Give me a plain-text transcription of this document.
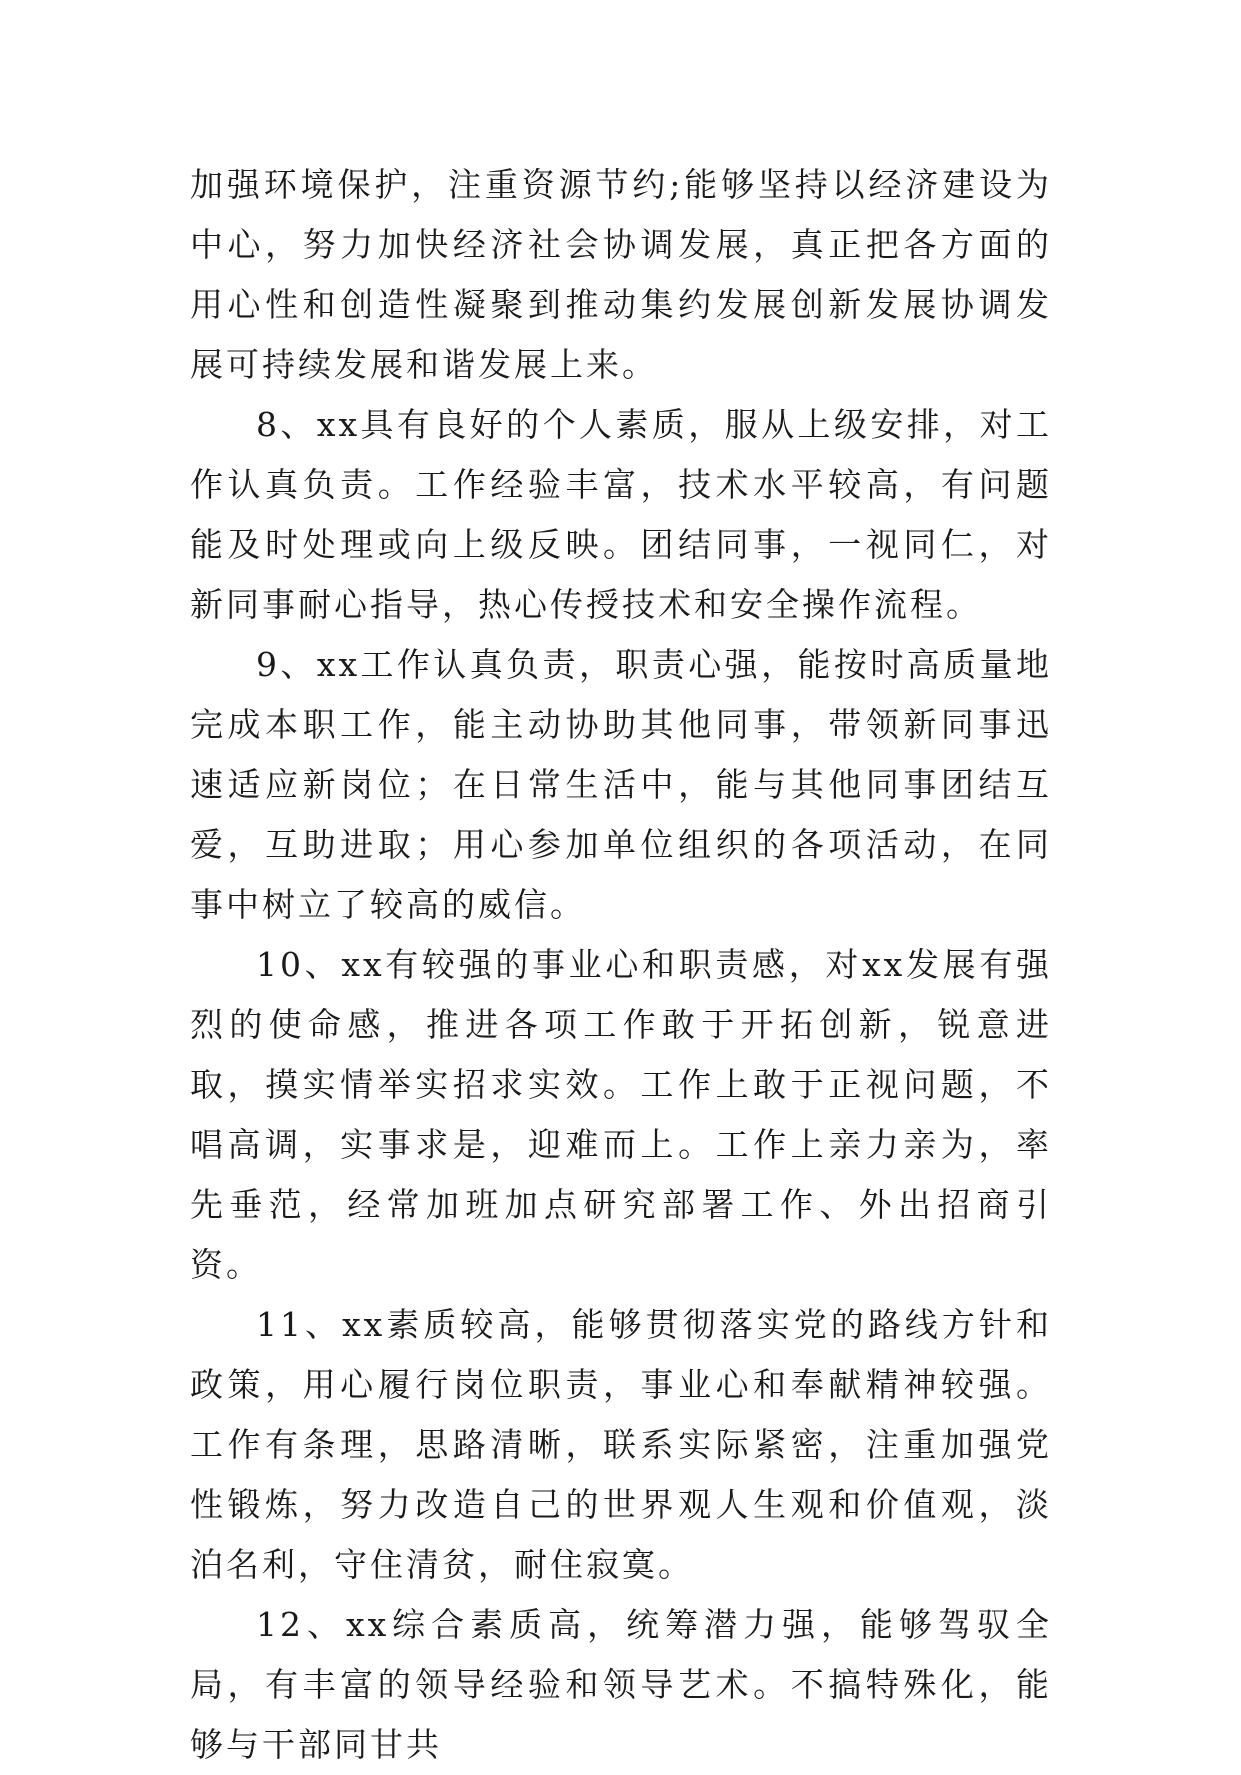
加强环境保护，注重资源节约;能够坚持以经济建设为中心，努力加快经济社会协调发展，真正把各方面的用心性和创造性凝聚到推动集约发展创新发展协调发展可持续发展和谐发展上来。

8、xx具有良好的个人素质，服从上级安排，对工作认真负责。工作经验丰富，技术水平较高，有问题能及时处理或向上级反映。团结同事，一视同仁，对新同事耐心指导，热心传授技术和安全操作流程。

9、xx工作认真负责，职责心强，能按时高质量地完成本职工作，能主动协助其他同事，带领新同事迅速适应新岗位；在日常生活中，能与其他同事团结互爱，互助进取；用心参加单位组织的各项活动，在同事中树立了较高的威信。

10、xx有较强的事业心和职责感，对xx发展有强烈的使命感，推进各项工作敢于开拓创新，锐意进取，摸实情举实招求实效。工作上敢于正视问题，不唱高调，实事求是，迎难而上。工作上亲力亲为，率先垂范，经常加班加点研究部署工作、外出招商引资。

11、xx素质较高，能够贯彻落实党的路线方针和政策，用心履行岗位职责，事业心和奉献精神较强。工作有条理，思路清晰，联系实际紧密，注重加强党性锻炼，努力改造自己的世界观人生观和价值观，淡泊名利，守住清贫，耐住寂寞。

12、xx综合素质高，统筹潜力强，能够驾驭全局，有丰富的领导经验和领导艺术。不搞特殊化，能够与干部同甘共
